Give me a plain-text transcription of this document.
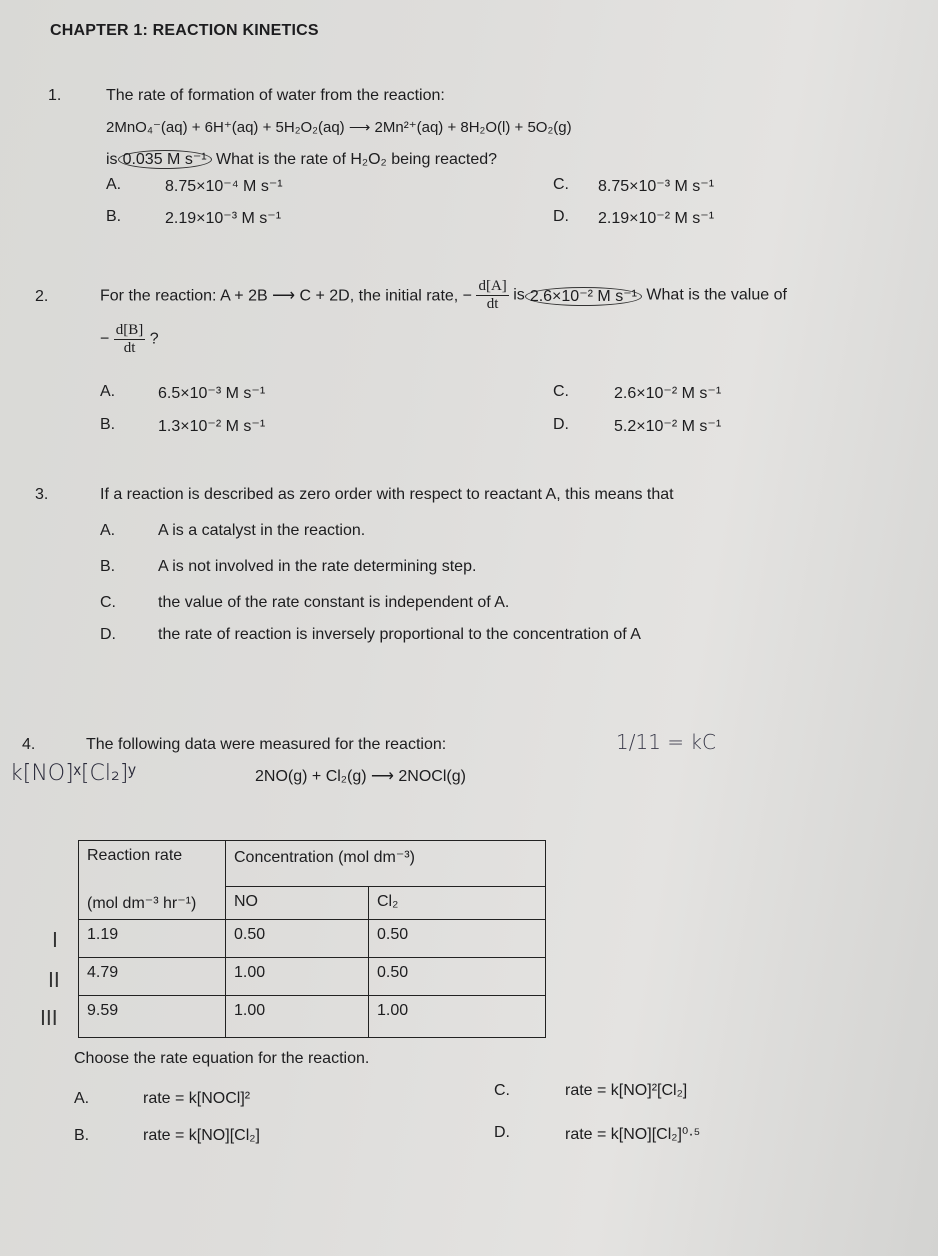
CHAPTER 1: REACTION KINETICS
1.	The rate of formation of water from the reaction:
2MnO₄⁻(aq) + 6H⁺(aq) + 5H₂O₂(aq) ⟶ 2Mn²⁺(aq) + 8H₂O(l) + 5O₂(g)
is 0.035 M s⁻¹ What is the rate of H₂O₂ being reacted?
A.	8.75×10⁻⁴ M s⁻¹
B.	2.19×10⁻³ M s⁻¹
C. 8.75×10⁻³ M s⁻¹
D. 2.19×10⁻² M s⁻¹
2.	For the reaction: A + 2B ⟶ C + 2D, the initial rate, − $\frac{d[A]}{dt}$ is 2.6×10⁻² M s⁻¹ What is the value of
− $\frac{d[B]}{dt}$ ?
A.	6.5×10⁻³ M s⁻¹
B.	1.3×10⁻² M s⁻¹
C.	2.6×10⁻² M s⁻¹
D.	5.2×10⁻² M s⁻¹
3.	If a reaction is described as zero order with respect to reactant A, this means that
A.	A is a catalyst in the reaction.
B.	A is not involved in the rate determining step.
C.	the value of the rate constant is independent of A.
D.	the rate of reaction is inversely proportional to the concentration of A
4.	The following data were measured for the reaction:
k[NO]ˣ[Cl₂]ʸ
1/11 = kC
2NO(g) + Cl₂(g) ⟶ 2NOCl(g)
Reaction rate	Concentration (mol dm⁻³)	
(mol dm⁻³ hr⁻¹)	NO	Cl₂
1.19	0.50	0.50
4.79	1.00	0.50
9.59	1.00	1.00
I
II
III
Choose the rate equation for the reaction.
A.	rate = k[NOCl]²
B.	rate = k[NO][Cl₂]
C.	rate = k[NO]²[Cl₂]
D.	rate = k[NO][Cl₂]⁰·⁵
